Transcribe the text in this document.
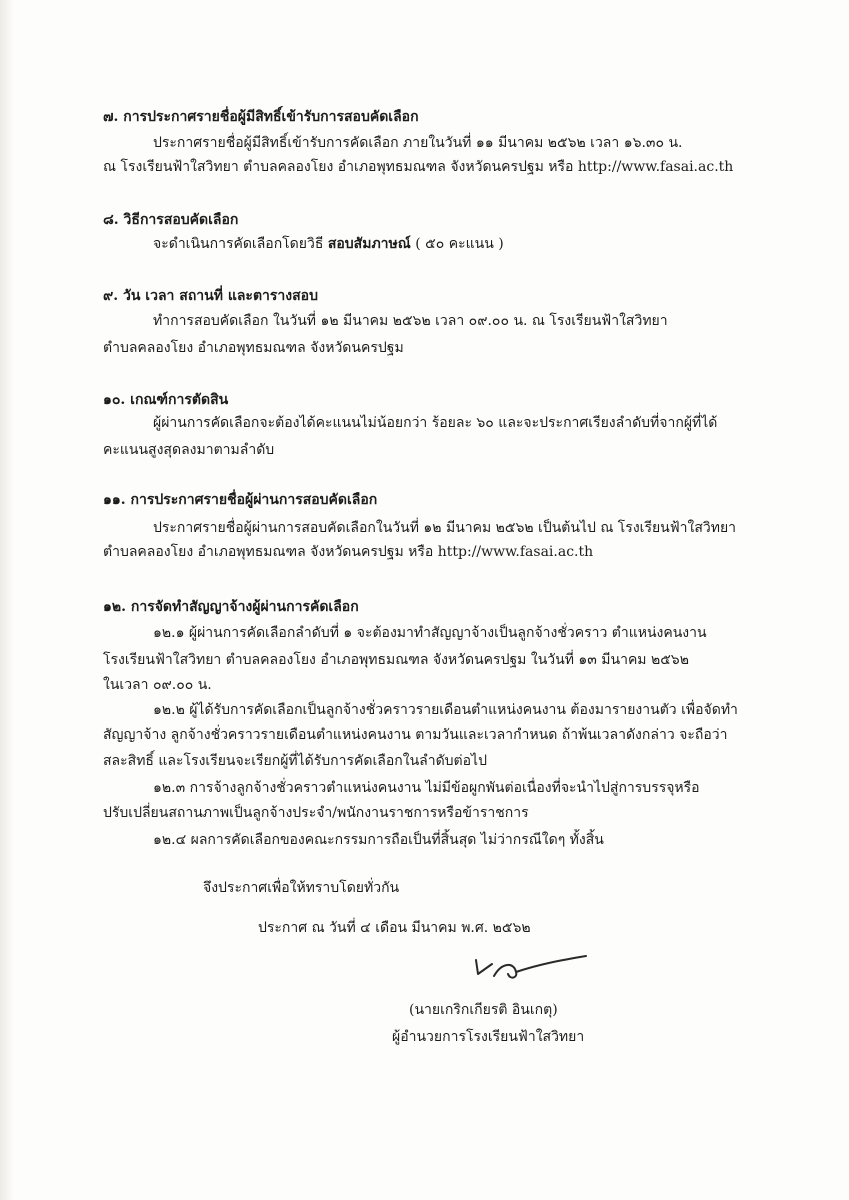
๗. การประกาศรายชื่อผู้มีสิทธิ์เข้ารับการสอบคัดเลือก
ประกาศรายชื่อผู้มีสิทธิ์เข้ารับการคัดเลือก ภายในวันที่ ๑๑ มีนาคม ๒๕๖๒ เวลา ๑๖.๓๐ น.
ณ โรงเรียนฟ้าใสวิทยา ตำบลคลองโยง อำเภอพุทธมณฑล จังหวัดนครปฐม หรือ http://www.fasai.ac.th
๘. วิธีการสอบคัดเลือก
จะดำเนินการคัดเลือกโดยวิธี สอบสัมภาษณ์ ( ๕๐ คะแนน )
๙. วัน เวลา สถานที่ และตารางสอบ
ทำการสอบคัดเลือก ในวันที่ ๑๒ มีนาคม ๒๕๖๒ เวลา ๐๙.๐๐ น. ณ โรงเรียนฟ้าใสวิทยา
ตำบลคลองโยง อำเภอพุทธมณฑล จังหวัดนครปฐม
๑๐. เกณฑ์การตัดสิน
ผู้ผ่านการคัดเลือกจะต้องได้คะแนนไม่น้อยกว่า ร้อยละ ๖๐ และจะประกาศเรียงลำดับที่จากผู้ที่ได้
คะแนนสูงสุดลงมาตามลำดับ
๑๑. การประกาศรายชื่อผู้ผ่านการสอบคัดเลือก
ประกาศรายชื่อผู้ผ่านการสอบคัดเลือกในวันที่ ๑๒ มีนาคม ๒๕๖๒ เป็นต้นไป ณ โรงเรียนฟ้าใสวิทยา
ตำบลคลองโยง อำเภอพุทธมณฑล จังหวัดนครปฐม หรือ http://www.fasai.ac.th
๑๒. การจัดทำสัญญาจ้างผู้ผ่านการคัดเลือก
๑๒.๑ ผู้ผ่านการคัดเลือกลำดับที่ ๑ จะต้องมาทำสัญญาจ้างเป็นลูกจ้างชั่วคราว ตำแหน่งคนงาน
โรงเรียนฟ้าใสวิทยา ตำบลคลองโยง อำเภอพุทธมณฑล จังหวัดนครปฐม ในวันที่ ๑๓ มีนาคม ๒๕๖๒
ในเวลา ๐๙.๐๐ น.
๑๒.๒ ผู้ได้รับการคัดเลือกเป็นลูกจ้างชั่วคราวรายเดือนตำแหน่งคนงาน ต้องมารายงานตัว เพื่อจัดทำ
สัญญาจ้าง ลูกจ้างชั่วคราวรายเดือนตำแหน่งคนงาน ตามวันและเวลากำหนด ถ้าพ้นเวลาดังกล่าว จะถือว่า
สละสิทธิ์ และโรงเรียนจะเรียกผู้ที่ได้รับการคัดเลือกในลำดับต่อไป
๑๒.๓ การจ้างลูกจ้างชั่วคราวตำแหน่งคนงาน ไม่มีข้อผูกพันต่อเนื่องที่จะนำไปสู่การบรรจุหรือ
ปรับเปลี่ยนสถานภาพเป็นลูกจ้างประจำ/พนักงานราชการหรือข้าราชการ
๑๒.๔ ผลการคัดเลือกของคณะกรรมการถือเป็นที่สิ้นสุด ไม่ว่ากรณีใดๆ ทั้งสิ้น
จึงประกาศเพื่อให้ทราบโดยทั่วกัน
ประกาศ ณ วันที่ ๔ เดือน มีนาคม พ.ศ. ๒๕๖๒
(นายเกริกเกียรติ อินเกตุ)
ผู้อำนวยการโรงเรียนฟ้าใสวิทยา
